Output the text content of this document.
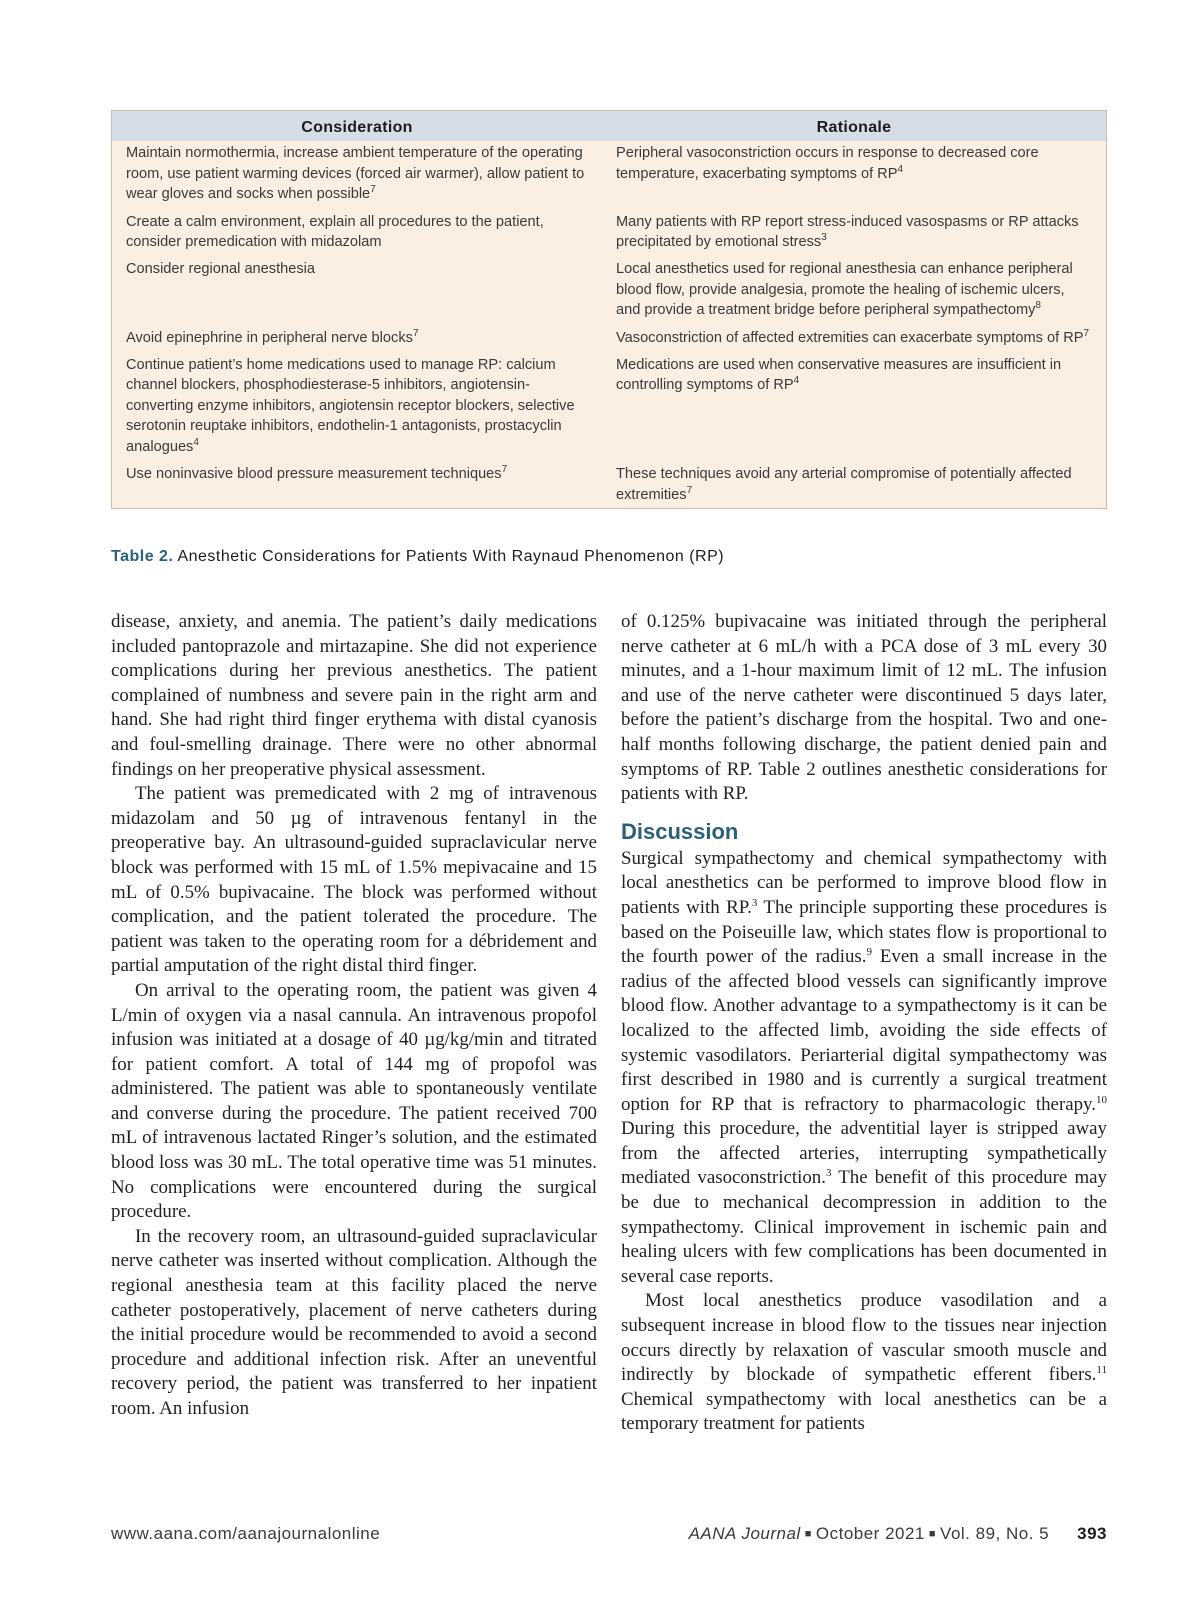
Consideration	Rationale
Maintain normothermia, increase ambient temperature of the operating room, use patient warming devices (forced air warmer), allow patient to wear gloves and socks when possible$^7$	Peripheral vasoconstriction occurs in response to decreased core temperature, exacerbating symptoms of $RP^4$
Create a calm environment, explain all procedures to the patient, consider premedication with midazolam	Many patients with RP report stress-induced vasospasms or RP attacks precipitated by emotional stress$^3$
Consider regional anesthesia	Local anesthetics used for regional anesthesia can enhance peripheral blood flow, provide analgesia, promote the healing of ischemic ulcers, and provide a treatment bridge before peripheral sympathectomy$^8$
Avoid epinephrine in peripheral nerve blocks$^7$	Vasoconstriction of affected extremities can exacerbate symptoms of $RP^7$
Continue patient’s home medications used to manage RP: calcium channel blockers, phosphodiesterase-5 inhibitors, angiotensin-converting enzyme inhibitors, angiotensin receptor blockers, selective serotonin reuptake inhibitors, endothelin-1 antagonists, prostacyclin analogues$^4$	Medications are used when conservative measures are insufficient in controlling symptoms of $RP^4$
Use noninvasive blood pressure measurement techniques$^7$	These techniques avoid any arterial compromise of potentially affected extremities$^7$
Table 2. Anesthetic Considerations for Patients With Raynaud Phenomenon (RP)

disease, anxiety, and anemia. The patient’s daily medications included pantoprazole and mirtazapine. She did not experience complications during her previous anesthetics. The patient complained of numbness and severe pain in the right arm and hand. She had right third finger erythema with distal cyanosis and foul-smelling drainage. There were no other abnormal findings on her preoperative physical assessment.

The patient was premedicated with 2 mg of intravenous midazolam and 50 µg of intravenous fentanyl in the preoperative bay. An ultrasound-guided supraclavicular nerve block was performed with 15 mL of 1.5% mepivacaine and 15 mL of 0.5% bupivacaine. The block was performed without complication, and the patient tolerated the procedure. The patient was taken to the operating room for a débridement and partial amputation of the right distal third finger.

On arrival to the operating room, the patient was given 4 L/min of oxygen via a nasal cannula. An intravenous propofol infusion was initiated at a dosage of 40 µg/kg/min and titrated for patient comfort. A total of 144 mg of propofol was administered. The patient was able to spontaneously ventilate and converse during the procedure. The patient received 700 mL of intravenous lactated Ringer’s solution, and the estimated blood loss was 30 mL. The total operative time was 51 minutes. No complications were encountered during the surgical procedure.

In the recovery room, an ultrasound-guided supraclavicular nerve catheter was inserted without complication. Although the regional anesthesia team at this facility placed the nerve catheter postoperatively, placement of nerve catheters during the initial procedure would be recommended to avoid a second procedure and additional infection risk. After an uneventful recovery period, the patient was transferred to her inpatient room. An infusion

of 0.125% bupivacaine was initiated through the peripheral nerve catheter at 6 mL/h with a PCA dose of 3 mL every 30 minutes, and a 1-hour maximum limit of 12 mL. The infusion and use of the nerve catheter were discontinued 5 days later, before the patient’s discharge from the hospital. Two and one-half months following discharge, the patient denied pain and symptoms of RP. Table 2 outlines anesthetic considerations for patients with RP.

Discussion

Surgical sympathectomy and chemical sympathectomy with local anesthetics can be performed to improve blood flow in patients with RP.$^3$ The principle supporting these procedures is based on the Poiseuille law, which states flow is proportional to the fourth power of the radius.$^9$ Even a small increase in the radius of the affected blood vessels can significantly improve blood flow. Another advantage to a sympathectomy is it can be localized to the affected limb, avoiding the side effects of systemic vasodilators. Periarterial digital sympathectomy was first described in 1980 and is currently a surgical treatment option for RP that is refractory to pharmacologic therapy.$^{10}$ During this procedure, the adventitial layer is stripped away from the affected arteries, interrupting sympathetically mediated vasoconstriction.$^3$ The benefit of this procedure may be due to mechanical decompression in addition to the sympathectomy. Clinical improvement in ischemic pain and healing ulcers with few complications has been documented in several case reports.

Most local anesthetics produce vasodilation and a subsequent increase in blood flow to the tissues near injection occurs directly by relaxation of vascular smooth muscle and indirectly by blockade of sympathetic efferent fibers.$^{11}$ Chemical sympathectomy with local anesthetics can be a temporary treatment for patients

www.aana.com/aanajournalonline	AANA Journal ■ October 2021 ■ Vol. 89, No. 5 393
